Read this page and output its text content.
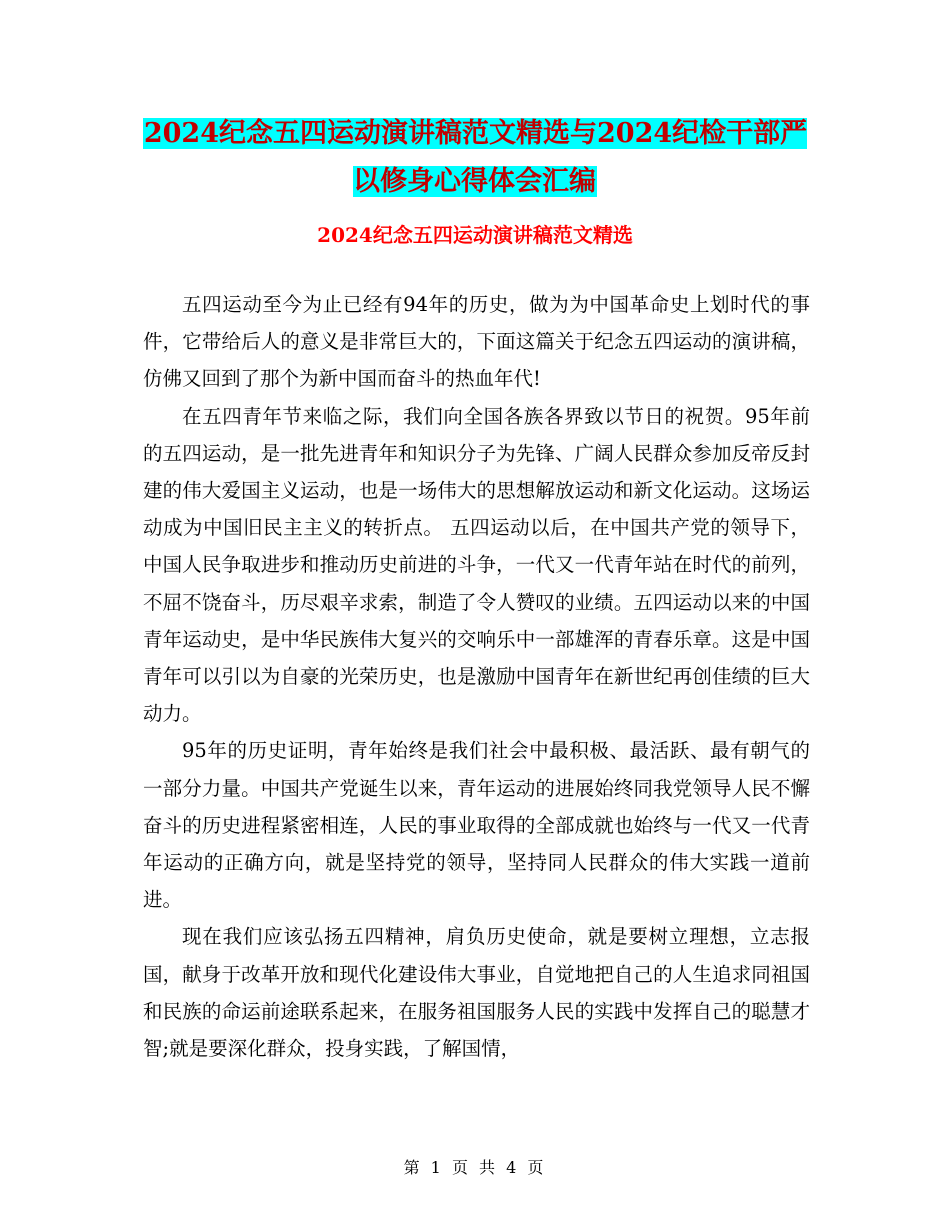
2024纪念五四运动演讲稿范文精选与2024纪检干部严以修身心得体会汇编
2024纪念五四运动演讲稿范文精选

五四运动至今为止已经有94年的历史，做为为中国革命史上划时代的事件，它带给后人的意义是非常巨大的，下面这篇关于纪念五四运动的演讲稿，仿佛又回到了那个为新中国而奋斗的热血年代!

在五四青年节来临之际，我们向全国各族各界致以节日的祝贺。95年前的五四运动，是一批先进青年和知识分子为先锋、广阔人民群众参加反帝反封建的伟大爱国主义运动，也是一场伟大的思想解放运动和新文化运动。这场运动成为中国旧民主主义的转折点。 五四运动以后，在中国共产党的领导下，中国人民争取进步和推动历史前进的斗争，一代又一代青年站在时代的前列，不屈不饶奋斗，历尽艰辛求索，制造了令人赞叹的业绩。五四运动以来的中国青年运动史，是中华民族伟大复兴的交响乐中一部雄浑的青春乐章。这是中国青年可以引以为自豪的光荣历史，也是激励中国青年在新世纪再创佳绩的巨大动力。

95年的历史证明，青年始终是我们社会中最积极、最活跃、最有朝气的一部分力量。中国共产党诞生以来，青年运动的进展始终同我党领导人民不懈奋斗的历史进程紧密相连，人民的事业取得的全部成就也始终与一代又一代青年运动的正确方向，就是坚持党的领导，坚持同人民群众的伟大实践一道前进。

现在我们应该弘扬五四精神，肩负历史使命，就是要树立理想，立志报国，献身于改革开放和现代化建设伟大事业，自觉地把自己的人生追求同祖国和民族的命运前途联系起来，在服务祖国服务人民的实践中发挥自己的聪慧才智;就是要深化群众，投身实践，了解国情，

第 1 页 共 4 页
